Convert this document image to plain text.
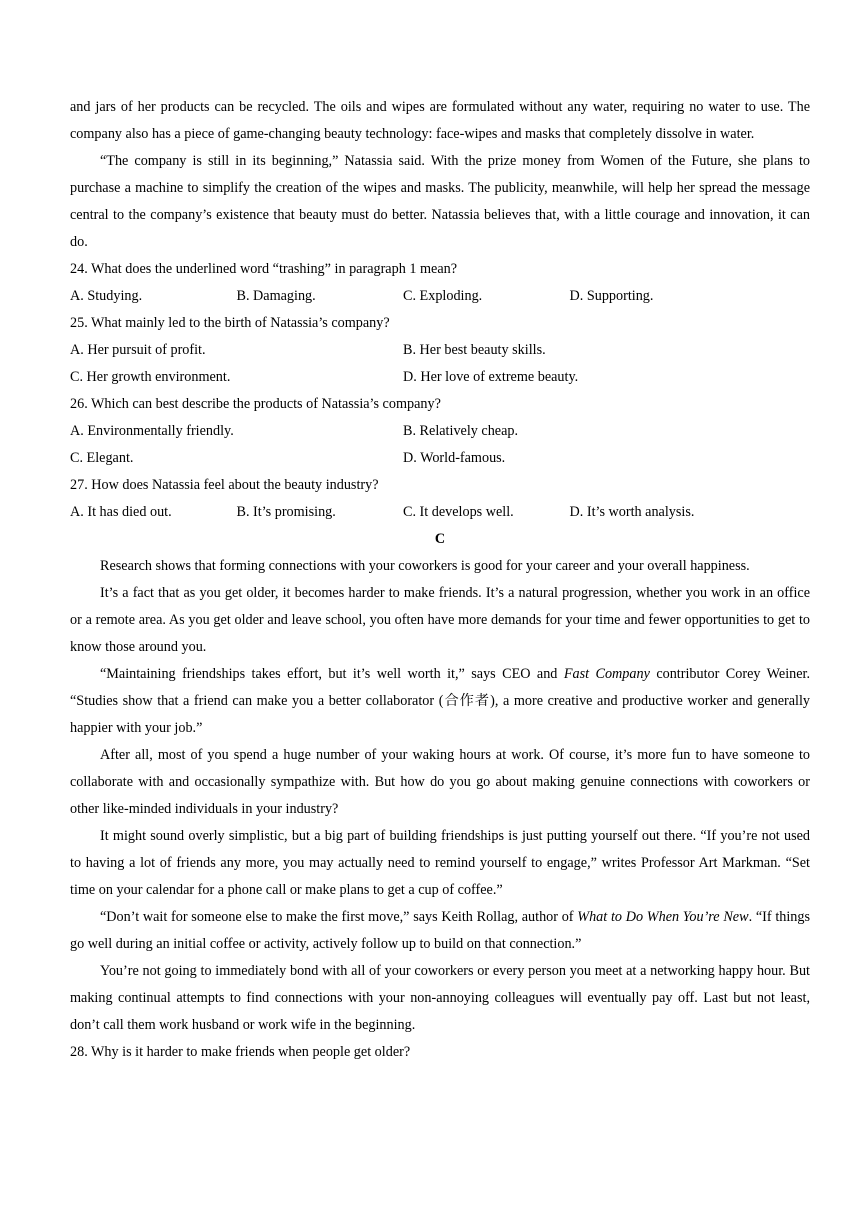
and jars of her products can be recycled. The oils and wipes are formulated without any water, requiring no water to use. The company also has a piece of game-changing beauty technology: face-wipes and masks that completely dissolve in water.

“The company is still in its beginning,” Natassia said. With the prize money from Women of the Future, she plans to purchase a machine to simplify the creation of the wipes and masks. The publicity, meanwhile, will help her spread the message central to the company’s existence that beauty must do better. Natassia believes that, with a little courage and innovation, it can do.

24. What does the underlined word “trashing” in paragraph 1 mean?

A. Studying.	B. Damaging.	C. Exploding.	D. Supporting.

25. What mainly led to the birth of Natassia’s company?

A. Her pursuit of profit.	B. Her best beauty skills.
C. Her growth environment.	D. Her love of extreme beauty.

26. Which can best describe the products of Natassia’s company?

A. Environmentally friendly.	B. Relatively cheap.
C. Elegant.	D. World-famous.

27. How does Natassia feel about the beauty industry?

A. It has died out.	B. It’s promising.	C. It develops well.	D. It’s worth analysis.

C

Research shows that forming connections with your coworkers is good for your career and your overall happiness.

It’s a fact that as you get older, it becomes harder to make friends. It’s a natural progression, whether you work in an office or a remote area. As you get older and leave school, you often have more demands for your time and fewer opportunities to get to know those around you.

“Maintaining friendships takes effort, but it’s well worth it,” says CEO and Fast Company contributor Corey Weiner. “Studies show that a friend can make you a better collaborator (合作者), a more creative and productive worker and generally happier with your job.”

After all, most of you spend a huge number of your waking hours at work. Of course, it’s more fun to have someone to collaborate with and occasionally sympathize with. But how do you go about making genuine connections with coworkers or other like-minded individuals in your industry?

It might sound overly simplistic, but a big part of building friendships is just putting yourself out there. “If you’re not used to having a lot of friends any more, you may actually need to remind yourself to engage,” writes Professor Art Markman. “Set time on your calendar for a phone call or make plans to get a cup of coffee.”

“Don’t wait for someone else to make the first move,” says Keith Rollag, author of What to Do When You’re New. “If things go well during an initial coffee or activity, actively follow up to build on that connection.”

You’re not going to immediately bond with all of your coworkers or every person you meet at a networking happy hour. But making continual attempts to find connections with your non-annoying colleagues will eventually pay off. Last but not least, don’t call them work husband or work wife in the beginning.

28. Why is it harder to make friends when people get older?
